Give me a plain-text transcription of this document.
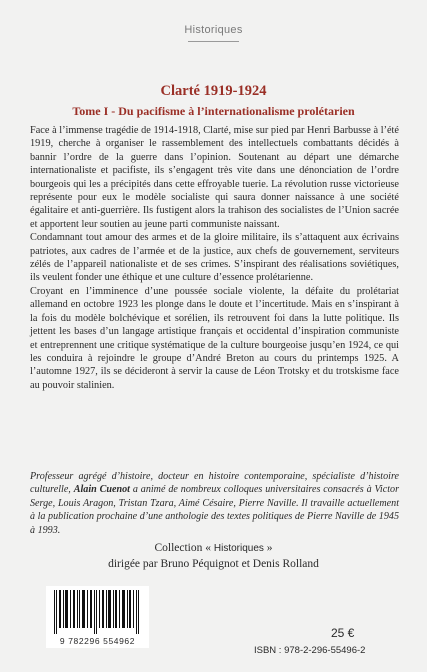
Historiques
Clarté 1919-1924
Tome I - Du pacifisme à l’internationalisme prolétarien

Face à l’immense tragédie de 1914-1918, Clarté, mise sur pied par Henri Barbusse à l’été 1919, cherche à organiser le rassemblement des intellectuels combattants décidés à bannir l’ordre de la guerre dans l’opinion. Soutenant au départ une démarche internationaliste et pacifiste, ils s’engagent très vite dans une dénonciation de l’ordre bourgeois qui les a précipités dans cette effroyable tuerie. La révolution russe victorieuse représente pour eux le modèle socialiste qui saura donner naissance à une société égalitaire et anti-guerrière. Ils fustigent alors la trahison des socialistes de l’Union sacrée et apportent leur soutien au jeune parti communiste naissant.

Condamnant tout amour des armes et de la gloire militaire, ils s’attaquent aux écrivains patriotes, aux cadres de l’armée et de la justice, aux chefs de gouvernement, serviteurs zélés de l’appareil nationaliste et de ses crimes. S’inspirant des réalisations soviétiques, ils veulent fonder une éthique et une culture d’essence prolétarienne.

Croyant en l’imminence d’une poussée sociale violente, la défaite du prolétariat allemand en octobre 1923 les plonge dans le doute et l’incertitude. Mais en s’inspirant à la fois du modèle bolchévique et sorélien, ils retrouvent foi dans la lutte politique. Ils jettent les bases d’un langage artistique français et occidental d’inspiration communiste et entreprennent une critique systématique de la culture bourgeoise jusqu’en 1924, ce qui les conduira à rejoindre le groupe d’André Breton au cours du printemps 1925. A l’automne 1927, ils se décideront à servir la cause de Léon Trotsky et du trotskisme face au pouvoir stalinien.

Professeur agrégé d’histoire, docteur en histoire contemporaine, spécialiste d’histoire culturelle, Alain Cuenot a animé de nombreux colloques universitaires consacrés à Victor Serge, Louis Aragon, Tristan Tzara, Aimé Césaire, Pierre Naville. Il travaille actuellement à la publication prochaine d’une anthologie des textes politiques de Pierre Naville de 1945 à 1993.
Collection « Historiques »
dirigée par Bruno Péquignot et Denis Rolland
9 782296 554962
25 €
ISBN : 978-2-296-55496-2
